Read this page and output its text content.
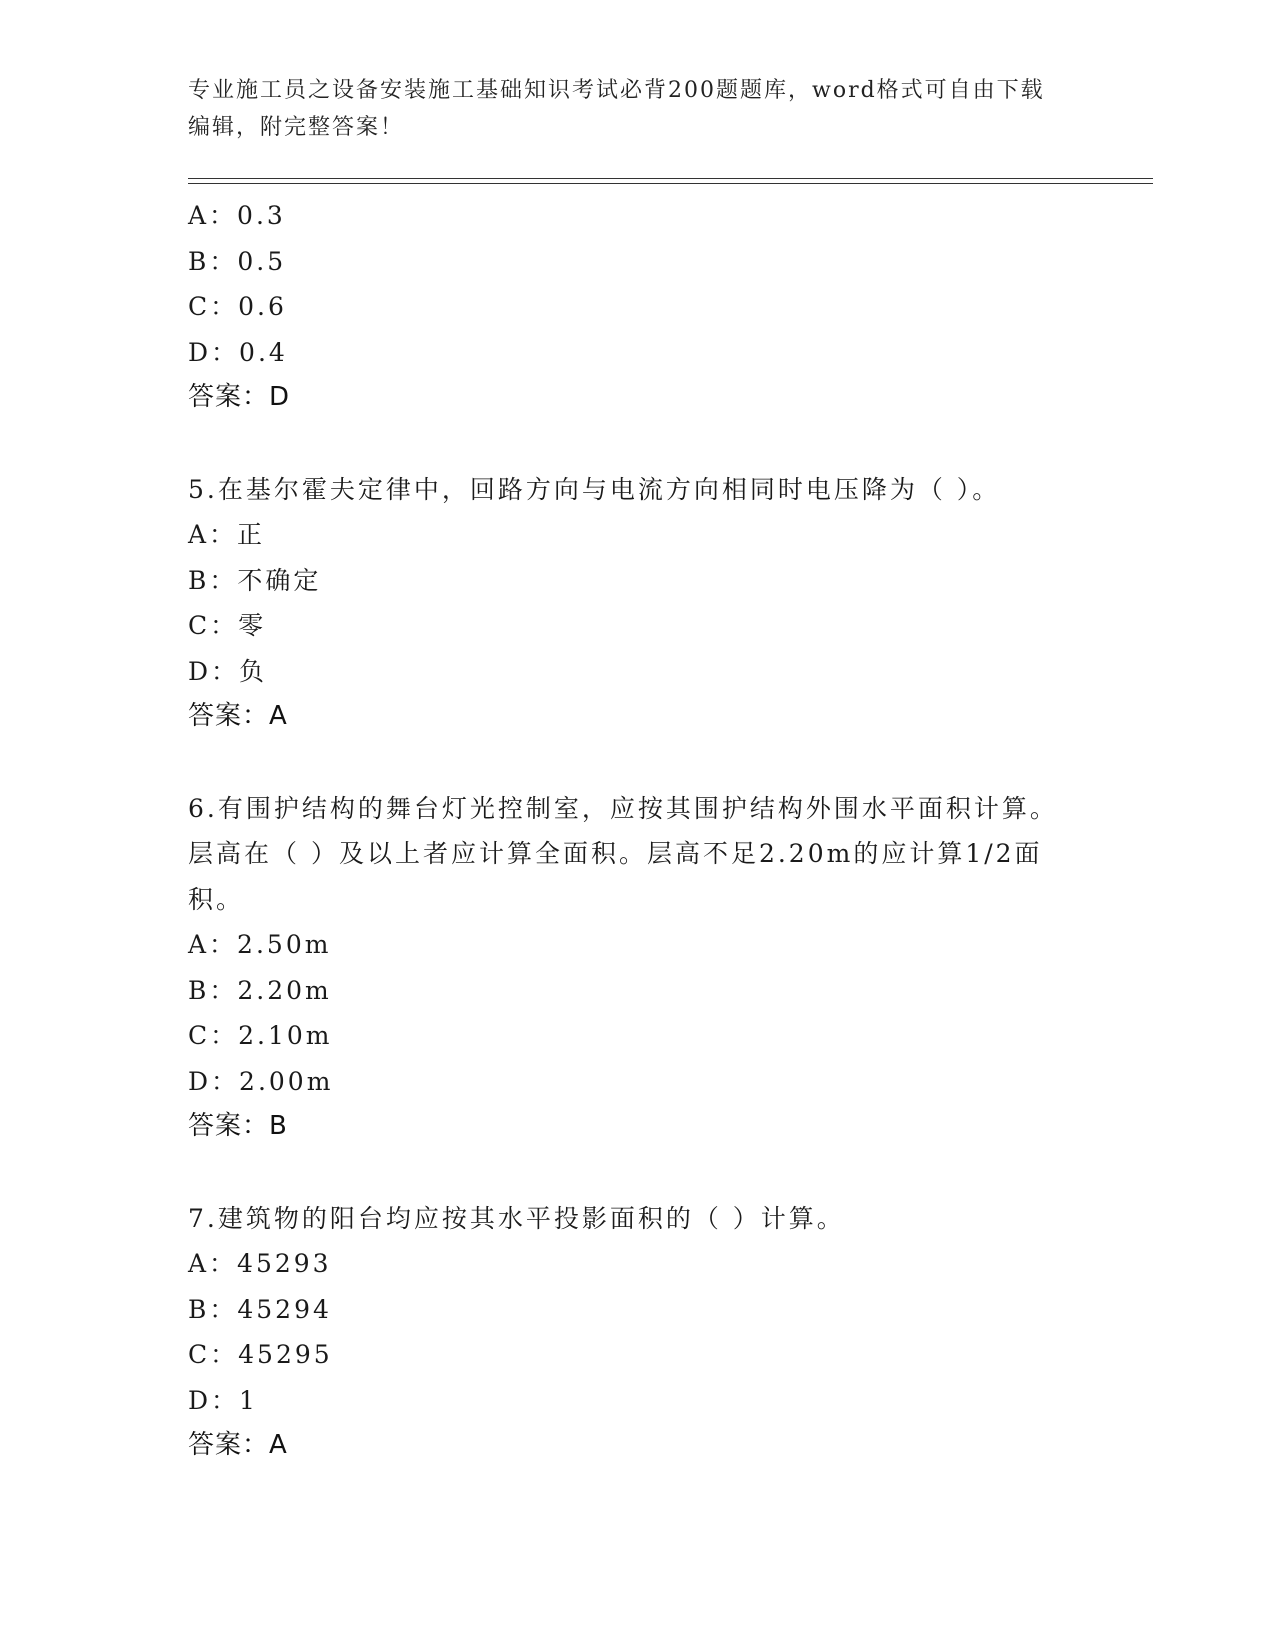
专业施工员之设备安装施工基础知识考试必背200题题库，word格式可自由下载编辑，附完整答案！
A：0.3
B：0.5
C：0.6
D：0.4
答案：D
5.在基尔霍夫定律中，回路方向与电流方向相同时电压降为（ ）。
A：正
B：不确定
C：零
D：负
答案：A
6.有围护结构的舞台灯光控制室，应按其围护结构外围水平面积计算。层高在（ ）及以上者应计算全面积。层高不足2.20m的应计算1/2面积。
A：2.50m
B：2.20m
C：2.10m
D：2.00m
答案：B
7.建筑物的阳台均应按其水平投影面积的（ ）计算。
A：45293
B：45294
C：45295
D：1
答案：A
